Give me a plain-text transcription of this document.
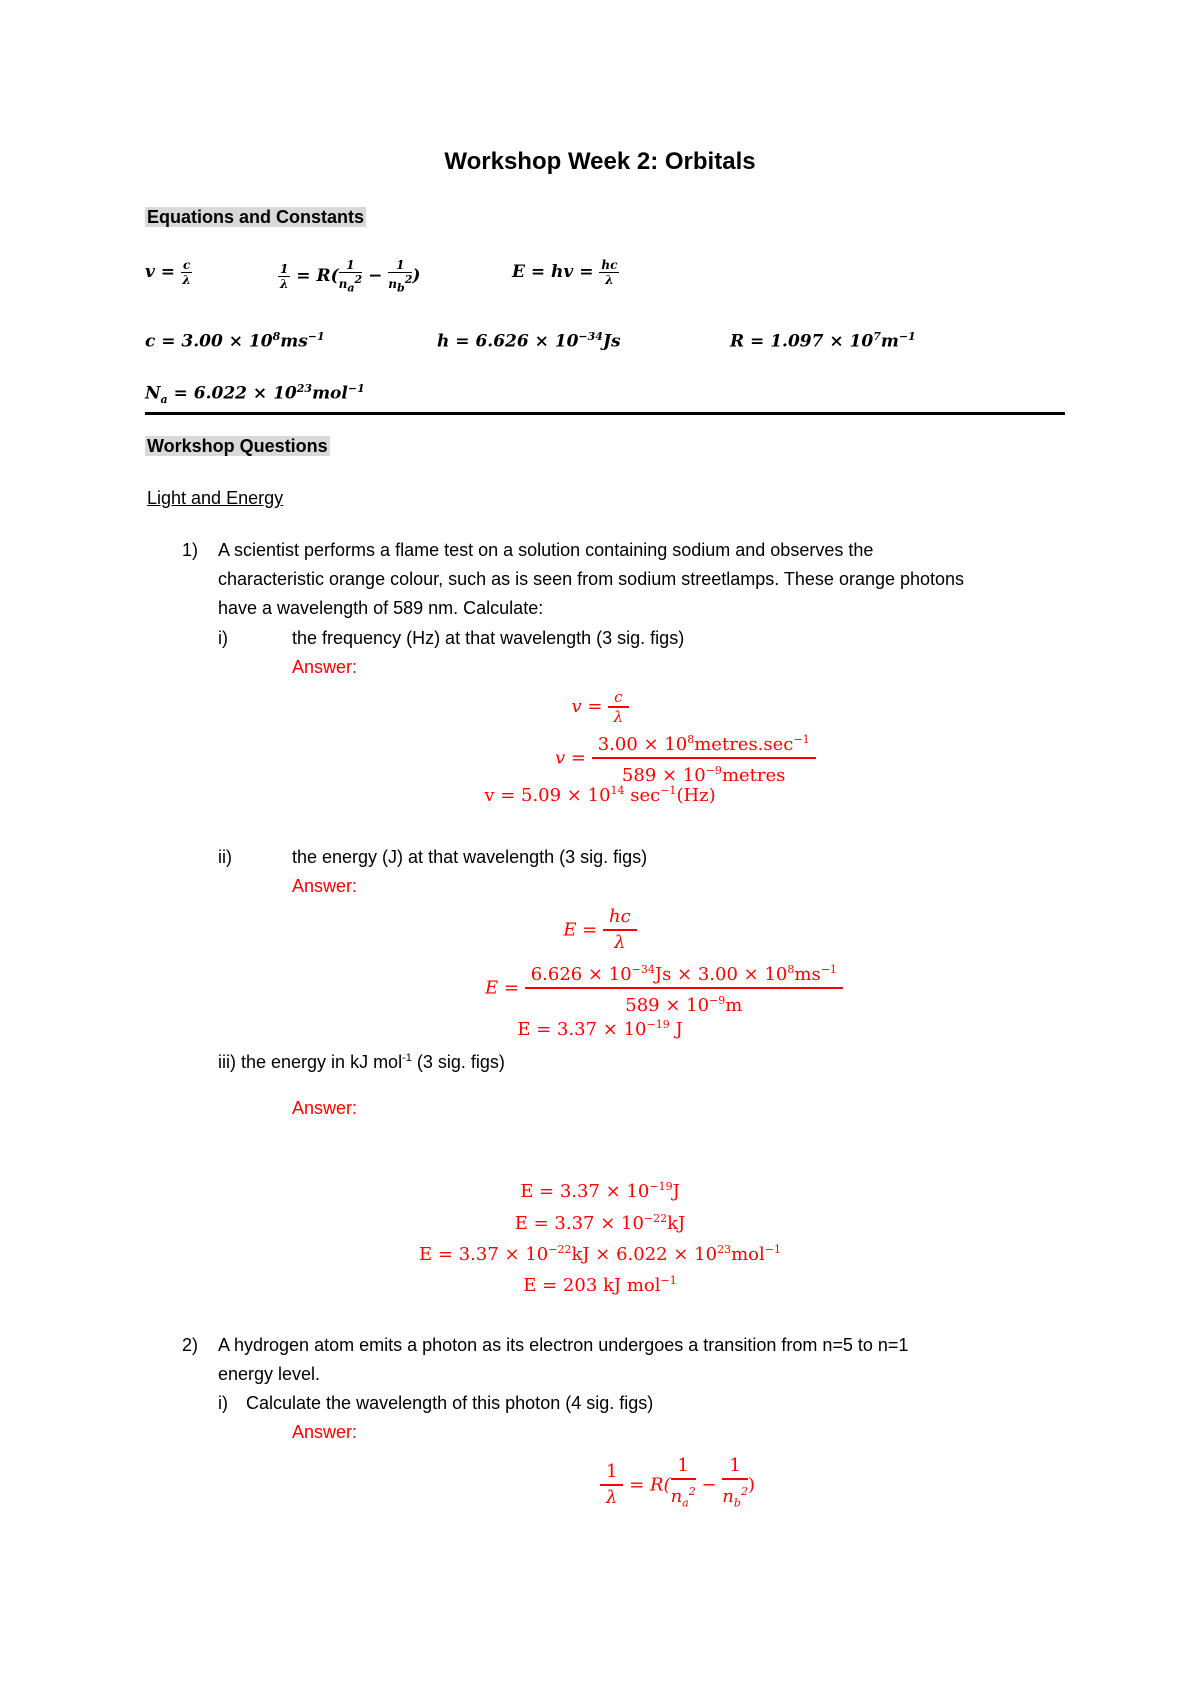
Workshop Week 2: Orbitals
Equations and Constants
$v = \frac{c}{\lambda}$	$\frac{1}{\lambda} = R( \frac{1}{na2} - \frac{1}{nb2}$ )	E = hv = $\frac{hc}{\lambda}$
$c = 3.00 \times 10^8ms^{-1}$	$h = 6.626 \times 10^{-34}Js$	$R = 1.097 \times 10^7m^{-1}$
$N_a = 6.022 \times 10^{23}mol^{-1}$
Workshop Questions
Light and Energy
1) A scientist performs a flame test on a solution containing sodium and observes the
characteristic orange colour, such as is seen from sodium streetlamps. These orange photons
have a wavelength of 589 nm. Calculate:
i)	the frequency (Hz) at that wavelength (3 sig. figs)
Answer:
$v = \frac{c}{\lambda}$
$v = \frac{3.00 \times 10^8metres.\sec^{-1}}{589 \times 10^{-9}metres}$
$v = 5.09 \times 10^{14}$ $\sec^{-1}(Hz)$
ii)	the energy (J) at that wavelength (3 sig. figs)
Answer:
$E = \frac{hc}{\lambda}$
$E = \frac{6.626 \times 10^{-34}Js \times 3.00 \times 10^8ms^{-1}}{589 \times 10^{-9}m}$
$E = 3.37 \times 10^{-19}$ J
iii) the energy in kJ mol$^{-1}$ (3 sig. figs)
Answer:
$E = 3.37 \times 10^{-19}J$
$E = 3.37 \times 10^{-22}kJ$
$E = 3.37 \times 10^{-22}kJ \times 6.022 \times 10^{23}mol^{-1}$
E = 203 kJ mol$^{-1}$
2) A hydrogen atom emits a photon as its electron undergoes a transition from n=5 to n=1
energy level.
i) Calculate the wavelength of this photon (4 sig. figs)
Answer:
$\frac{1}{\lambda} = R( \frac{1}{n_a^2} - \frac{1}{n_b^2}$ )
